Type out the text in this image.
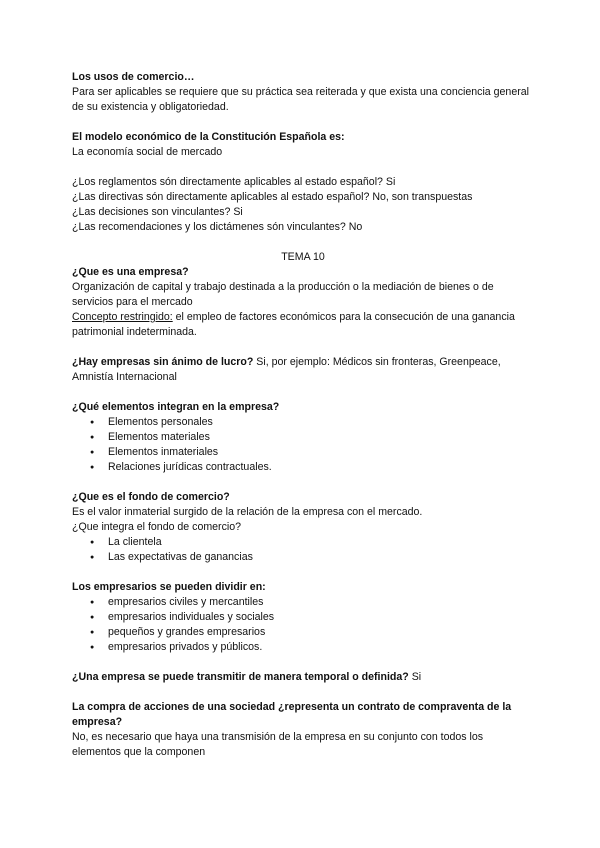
Los usos de comercio…

Para ser aplicables se requiere que su práctica sea reiterada y que exista una conciencia general de su existencia y obligatoriedad.

El modelo económico de la Constitución Española es:

La economía social de mercado

¿Los reglamentos són directamente aplicables al estado español? Si

¿Las directivas són directamente aplicables al estado español? No, son transpuestas

¿Las decisiones son vinculantes? Si

¿Las recomendaciones y los dictámenes són vinculantes? No

TEMA 10

¿Que es una empresa?

Organización de capital y trabajo destinada a la producción o la mediación de bienes o de servicios para el mercado

Concepto restringido: el empleo de factores económicos para la consecución de una ganancia patrimonial indeterminada.

¿Hay empresas sin ánimo de lucro? Si, por ejemplo: Médicos sin fronteras, Greenpeace, Amnistía Internacional

¿Qué elementos integran en la empresa?

● Elementos personales
● Elementos materiales
● Elementos inmateriales
● Relaciones jurídicas contractuales.

¿Que es el fondo de comercio?

Es el valor inmaterial surgido de la relación de la empresa con el mercado.

¿Que integra el fondo de comercio?

● La clientela
● Las expectativas de ganancias

Los empresarios se pueden dividir en:

● empresarios civiles y mercantiles
● empresarios individuales y sociales
● pequeños y grandes empresarios
● empresarios privados y públicos.

¿Una empresa se puede transmitir de manera temporal o definida? Si

La compra de acciones de una sociedad ¿representa un contrato de compraventa de la empresa?

No, es necesario que haya una transmisión de la empresa en su conjunto con todos los elementos que la componen
